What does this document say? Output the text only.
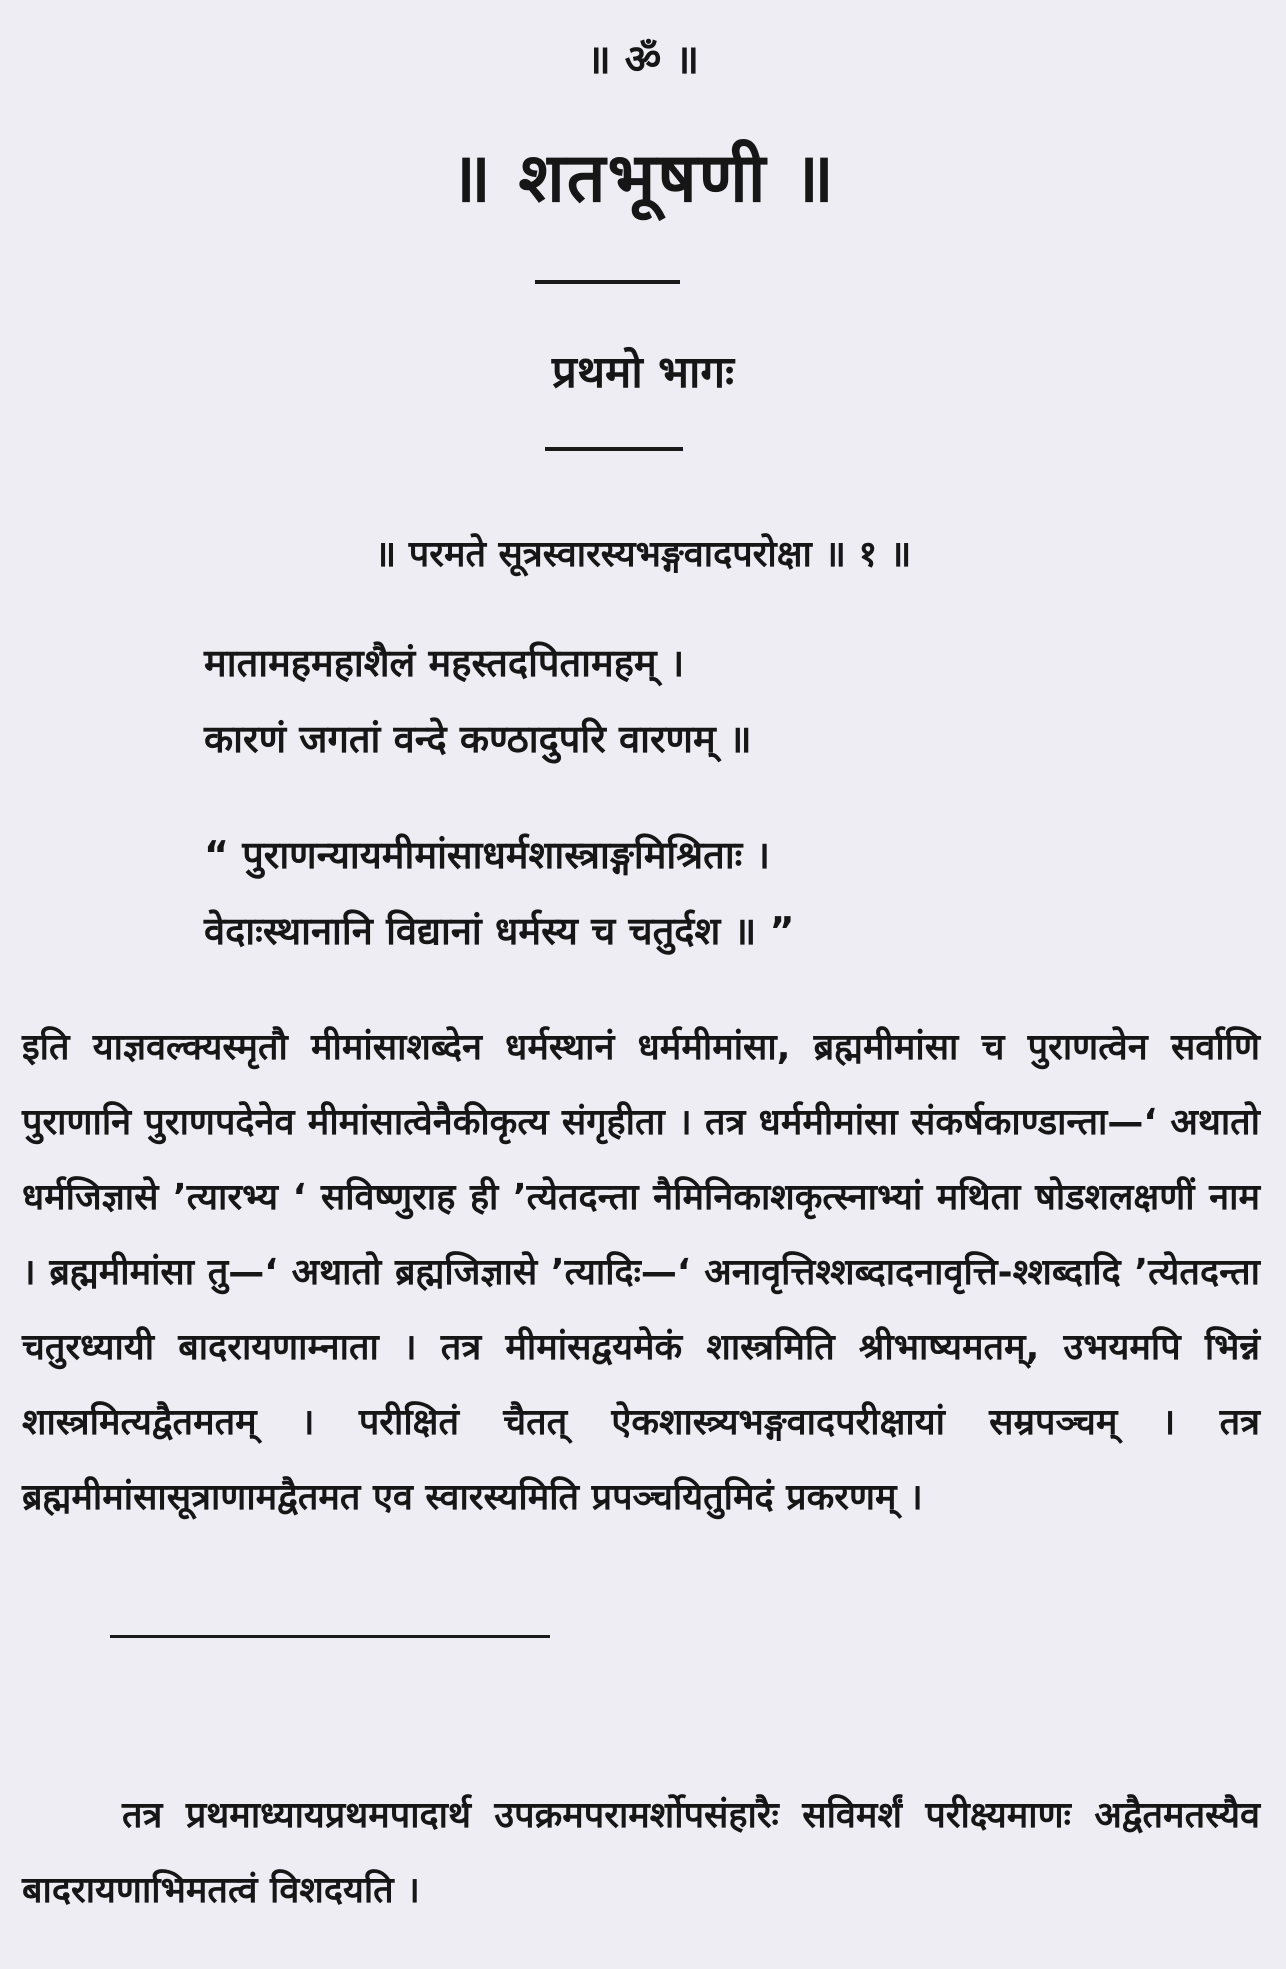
॥ ॐ ॥
॥ शतभूषणी ॥
प्रथमो भागः
॥ परमते सूत्रस्वारस्यभङ्गवादपरोक्षा ॥ १ ॥
मातामहमहाशैलं महस्तदपितामहम् ।
कारणं जगतां वन्दे कण्ठादुपरि वारणम् ॥
“ पुराणन्यायमीमांसाधर्मशास्त्राङ्गमिश्रिताः ।
वेदाःस्थानानि विद्यानां धर्मस्य च चतुर्दश ॥ ”
इति याज्ञवल्क्यस्मृतौ मीमांसाशब्देन धर्मस्थानं धर्ममीमांसा, ब्रह्ममीमांसा च पुराणत्वेन सर्वाणि पुराणानि पुराणपदेनेव मीमांसात्वेनैकीकृत्य संगृहीता । तत्र धर्ममीमांसा संकर्षकाण्डान्ता—‘ अथातो धर्मजिज्ञासे ’त्यारभ्य ‘ सविष्णुराह ही ’त्येतदन्ता नैमिनिकाशकृत्स्नाभ्यां मथिता षोडशलक्षणीं नाम । ब्रह्ममीमांसा तु—‘ अथातो ब्रह्मजिज्ञासे ’त्यादिः—‘ अनावृत्तिश्शब्दादनावृत्ति-श्शब्दादि ’त्येतदन्ता चतुरध्यायी बादरायणाम्नाता । तत्र मीमांसद्वयमेकं शास्त्रमिति श्रीभाष्यमतम्, उभयमपि भिन्नं शास्त्रमित्यद्वैतमतम् । परीक्षितं चैतत् ऐकशास्त्र्यभङ्गवादपरीक्षायां सम्रपञ्चम् । तत्र ब्रह्ममीमांसासूत्राणामद्वैतमत एव स्वारस्यमिति प्रपञ्चयितुमिदं प्रकरणम् ।
तत्र प्रथमाध्यायप्रथमपादार्थ उपक्रमपरामर्शोपसंहारैः सविमर्शं परीक्ष्यमाणः अद्वैतमतस्यैव बादरायणाभिमतत्वं विशदयति ।
